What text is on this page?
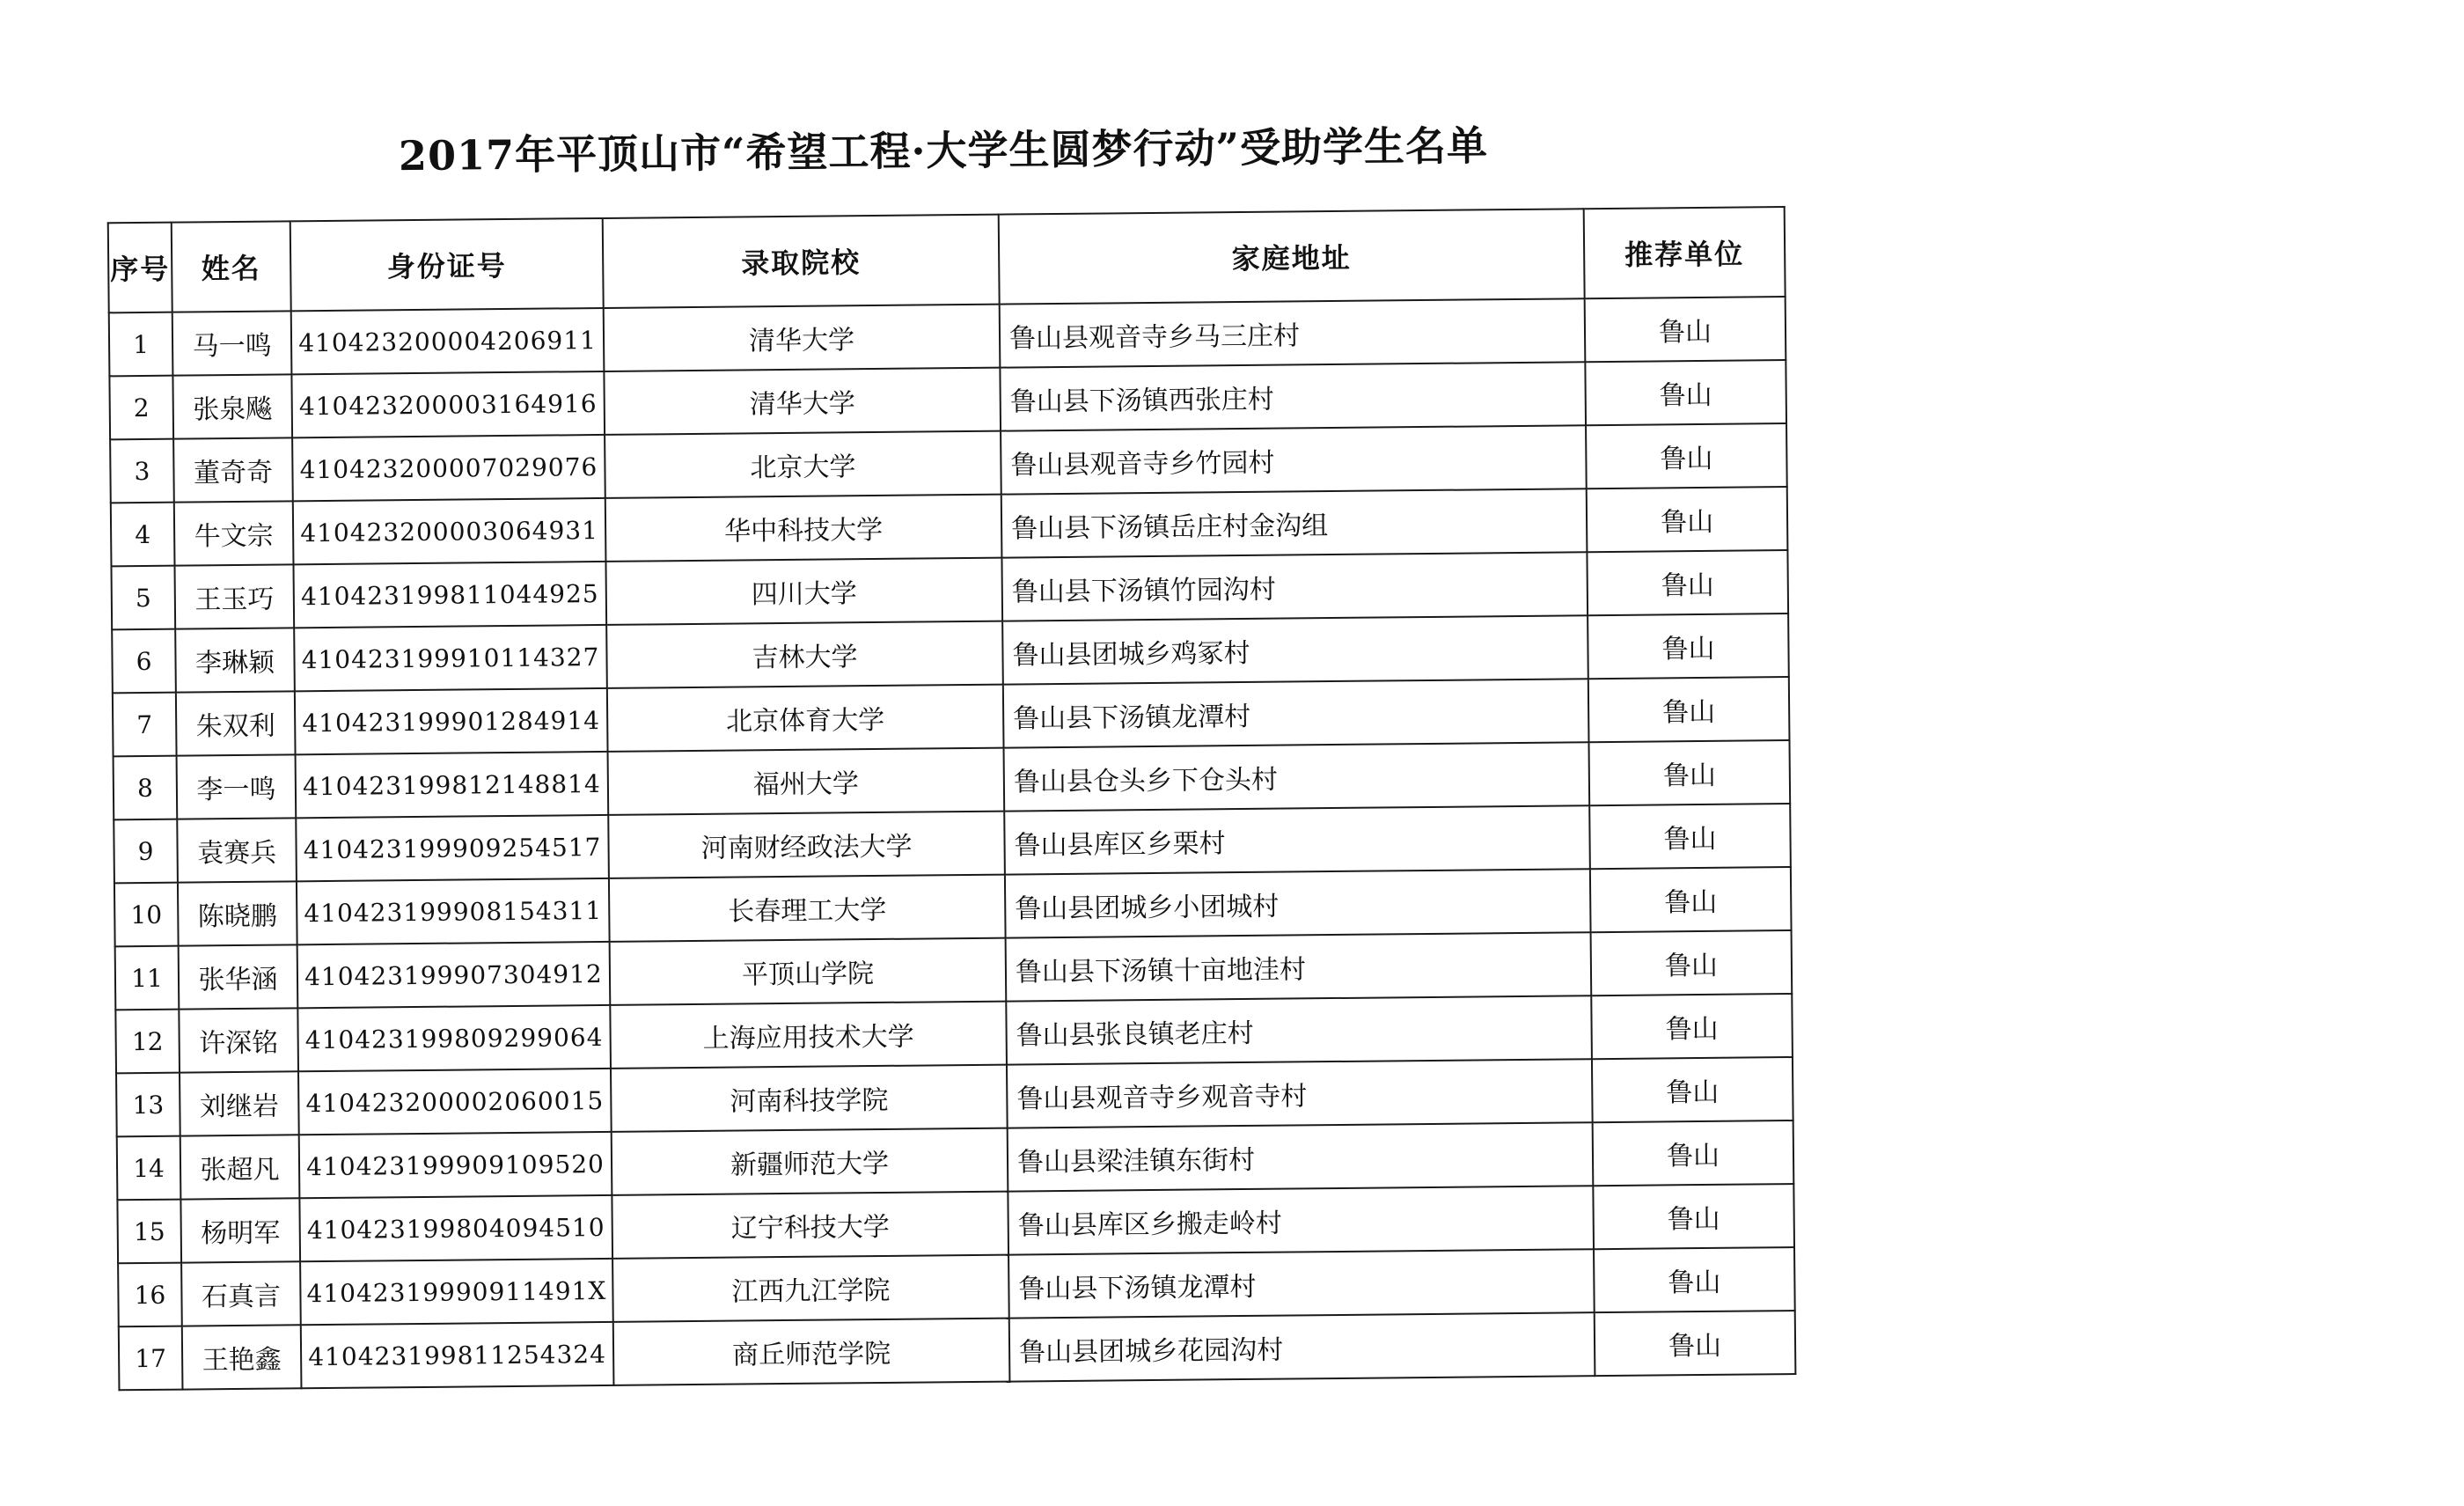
2017年平顶山市“希望工程·大学生圆梦行动”受助学生名单
序号	姓名	身份证号	录取院校	家庭地址	推荐单位
1	马一鸣	410423200004206911	清华大学	鲁山县观音寺乡马三庄村	鲁山
2	张泉飚	410423200003164916	清华大学	鲁山县下汤镇西张庄村	鲁山
3	董奇奇	410423200007029076	北京大学	鲁山县观音寺乡竹园村	鲁山
4	牛文宗	410423200003064931	华中科技大学	鲁山县下汤镇岳庄村金沟组	鲁山
5	王玉巧	410423199811044925	四川大学	鲁山县下汤镇竹园沟村	鲁山
6	李琳颖	410423199910114327	吉林大学	鲁山县团城乡鸡冢村	鲁山
7	朱双利	410423199901284914	北京体育大学	鲁山县下汤镇龙潭村	鲁山
8	李一鸣	410423199812148814	福州大学	鲁山县仓头乡下仓头村	鲁山
9	袁赛兵	410423199909254517	河南财经政法大学	鲁山县库区乡栗村	鲁山
10	陈晓鹏	410423199908154311	长春理工大学	鲁山县团城乡小团城村	鲁山
11	张华涵	410423199907304912	平顶山学院	鲁山县下汤镇十亩地洼村	鲁山
12	许深铭	410423199809299064	上海应用技术大学	鲁山县张良镇老庄村	鲁山
13	刘继岩	410423200002060015	河南科技学院	鲁山县观音寺乡观音寺村	鲁山
14	张超凡	410423199909109520	新疆师范大学	鲁山县梁洼镇东街村	鲁山
15	杨明军	410423199804094510	辽宁科技大学	鲁山县库区乡搬走岭村	鲁山
16	石真言	41042319990911491X	江西九江学院	鲁山县下汤镇龙潭村	鲁山
17	王艳鑫	410423199811254324	商丘师范学院	鲁山县团城乡花园沟村	鲁山
